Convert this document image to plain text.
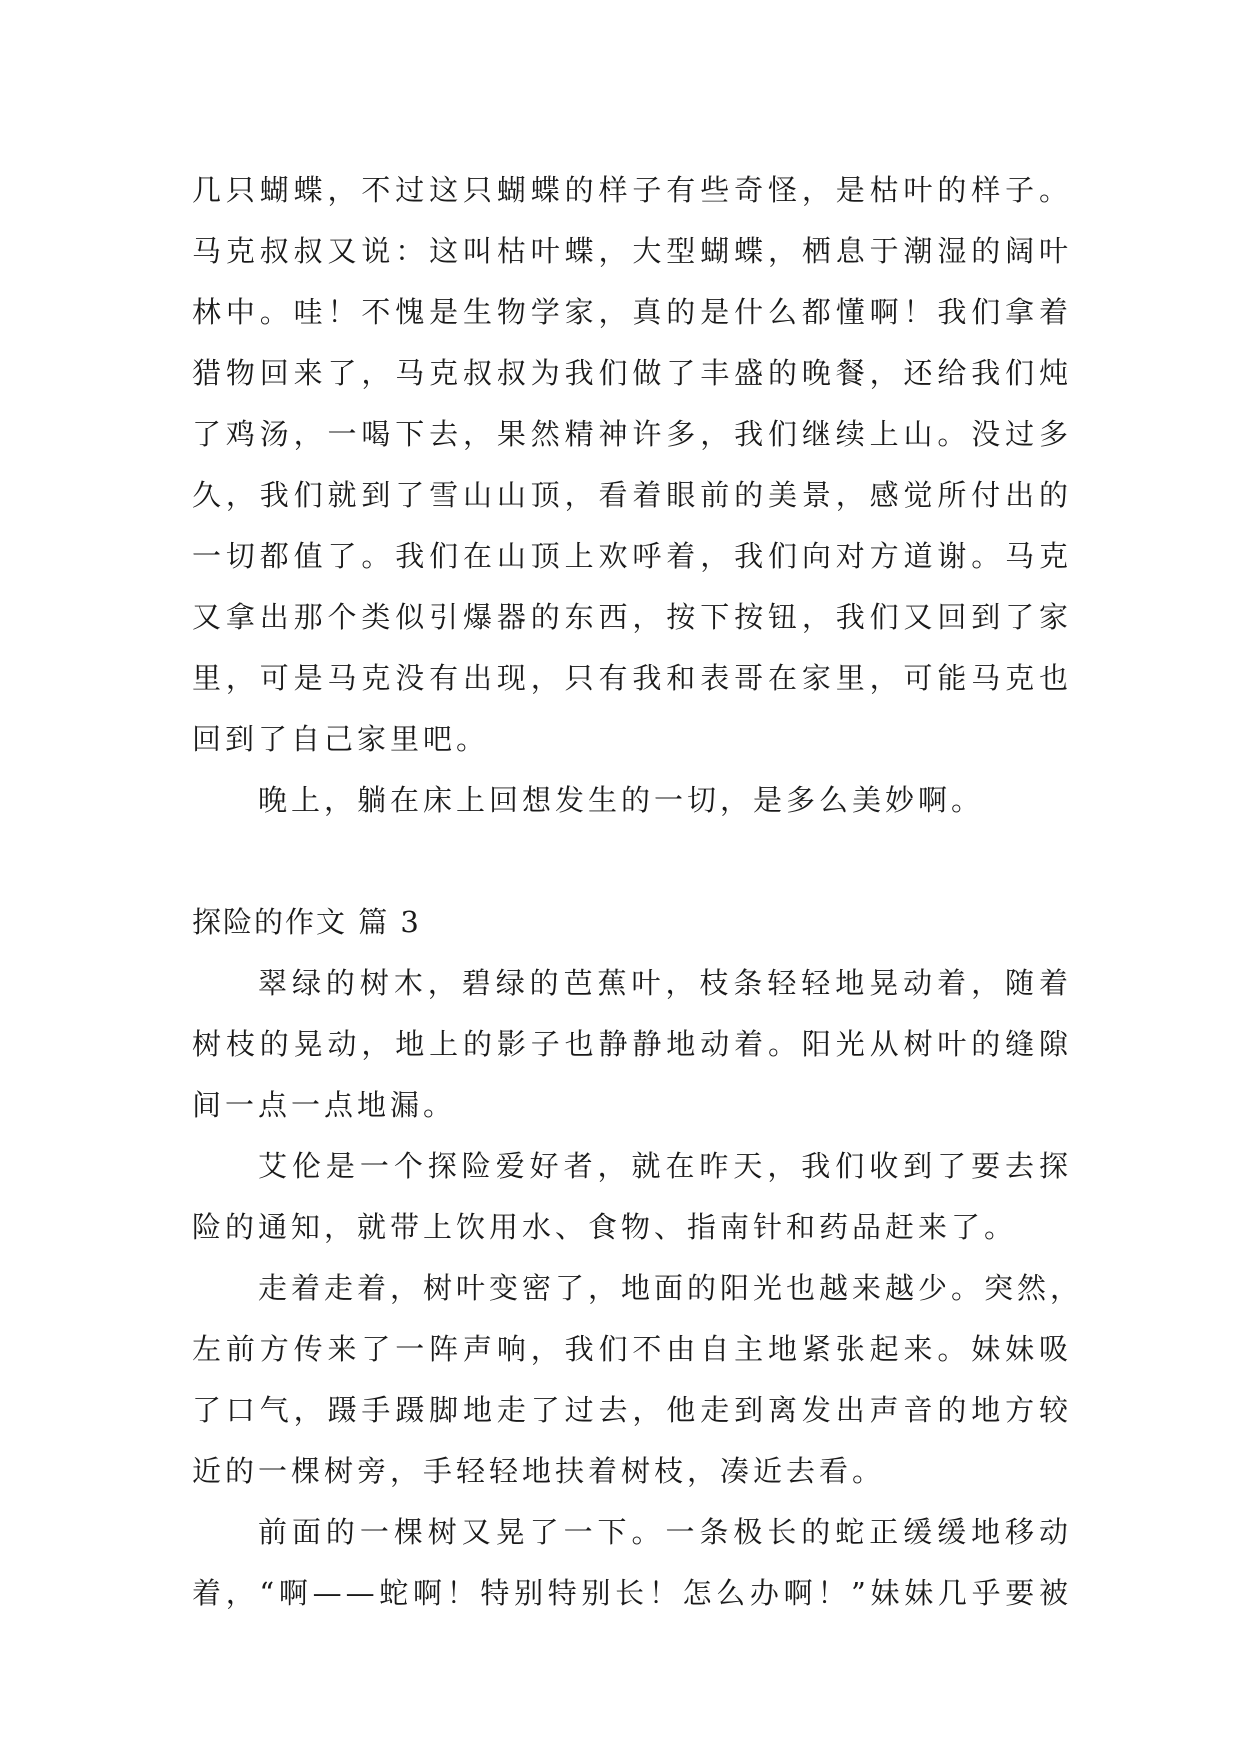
几只蝴蝶，不过这只蝴蝶的样子有些奇怪，是枯叶的样子。
马克叔叔又说：这叫枯叶蝶，大型蝴蝶，栖息于潮湿的阔叶
林中。哇！不愧是生物学家，真的是什么都懂啊！我们拿着
猎物回来了，马克叔叔为我们做了丰盛的晚餐，还给我们炖
了鸡汤，一喝下去，果然精神许多，我们继续上山。没过多
久，我们就到了雪山山顶，看着眼前的美景，感觉所付出的
一切都值了。我们在山顶上欢呼着，我们向对方道谢。马克
又拿出那个类似引爆器的东西，按下按钮，我们又回到了家
里，可是马克没有出现，只有我和表哥在家里，可能马克也
回到了自己家里吧。
晚上，躺在床上回想发生的一切，是多么美妙啊。
探险的作文 篇 3
翠绿的树木，碧绿的芭蕉叶，枝条轻轻地晃动着，随着
树枝的晃动，地上的影子也静静地动着。阳光从树叶的缝隙
间一点一点地漏。
艾伦是一个探险爱好者，就在昨天，我们收到了要去探
险的通知，就带上饮用水、食物、指南针和药品赶来了。
走着走着，树叶变密了，地面的阳光也越来越少。突然，
左前方传来了一阵声响，我们不由自主地紧张起来。妹妹吸
了口气，蹑手蹑脚地走了过去，他走到离发出声音的地方较
近的一棵树旁，手轻轻地扶着树枝，凑近去看。
前面的一棵树又晃了一下。一条极长的蛇正缓缓地移动
着，“啊——蛇啊！特别特别长！怎么办啊！”妹妹几乎要被
